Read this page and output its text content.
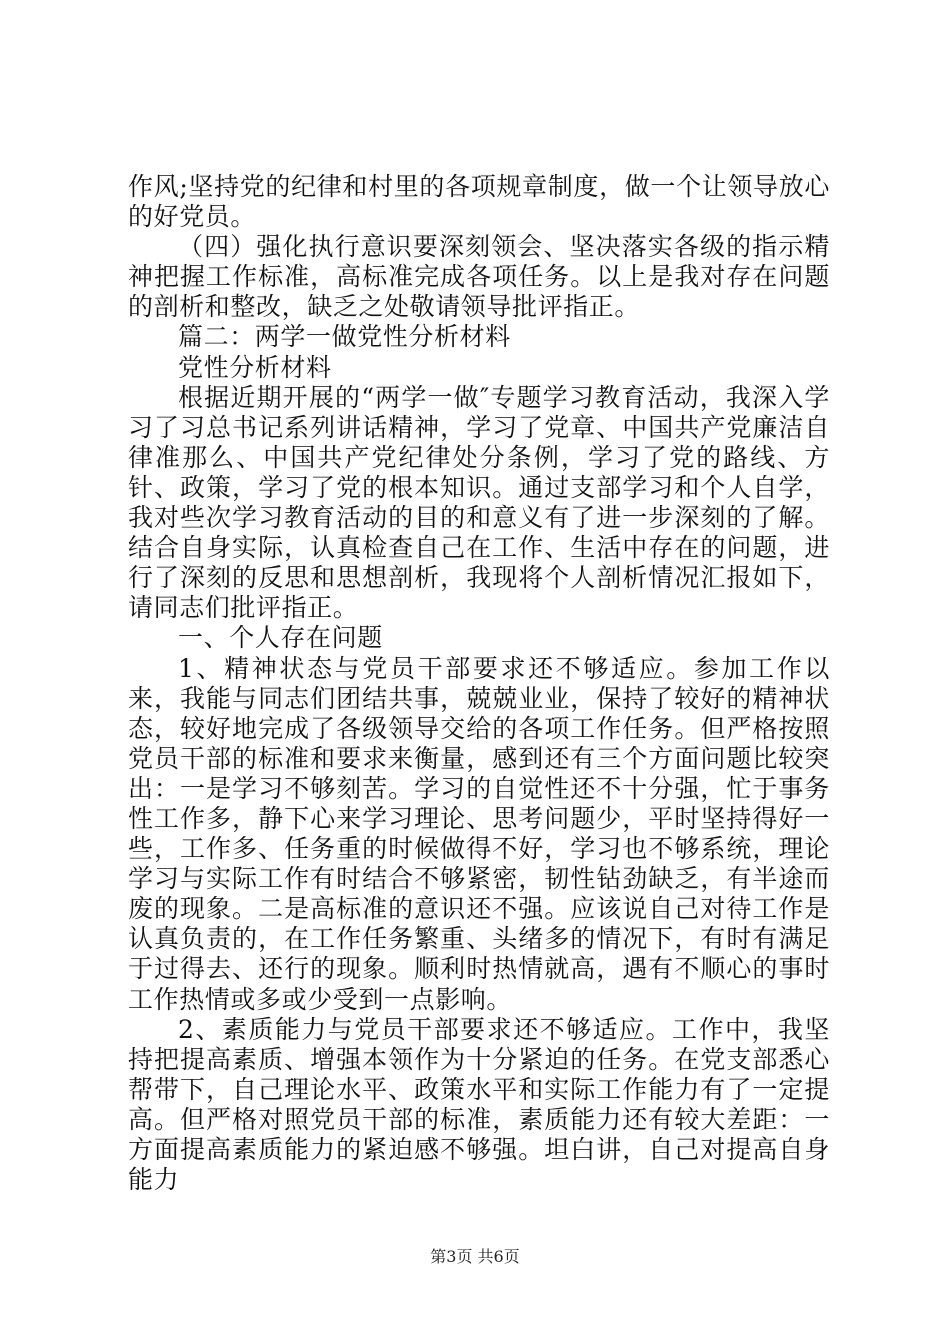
作风;坚持党的纪律和村里的各项规章制度，做一个让领导放心的好党员。

（四）强化执行意识要深刻领会、坚决落实各级的指示精神把握工作标准，高标准完成各项任务。以上是我对存在问题的剖析和整改，缺乏之处敬请领导批评指正。

篇二：两学一做党性分析材料

党性分析材料

根据近期开展的“两学一做″专题学习教育活动，我深入学习了习总书记系列讲话精神，学习了党章、中国共产党廉洁自律准那么、中国共产党纪律处分条例，学习了党的路线、方针、政策，学习了党的根本知识。通过支部学习和个人自学，我对些次学习教育活动的目的和意义有了进一步深刻的了解。结合自身实际，认真检查自己在工作、生活中存在的问题，进行了深刻的反思和思想剖析，我现将个人剖析情况汇报如下，请同志们批评指正。

一、个人存在问题

1、精神状态与党员干部要求还不够适应。参加工作以来，我能与同志们团结共事，兢兢业业，保持了较好的精神状态，较好地完成了各级领导交给的各项工作任务。但严格按照党员干部的标准和要求来衡量，感到还有三个方面问题比较突出：一是学习不够刻苦。学习的自觉性还不十分强，忙于事务性工作多，静下心来学习理论、思考问题少，平时坚持得好一些，工作多、任务重的时候做得不好，学习也不够系统，理论学习与实际工作有时结合不够紧密，韧性钻劲缺乏，有半途而废的现象。二是高标准的意识还不强。应该说自己对待工作是认真负责的，在工作任务繁重、头绪多的情况下，有时有满足于过得去、还行的现象。顺利时热情就高，遇有不顺心的事时工作热情或多或少受到一点影响。

2、素质能力与党员干部要求还不够适应。工作中，我坚持把提高素质、增强本领作为十分紧迫的任务。在党支部悉心帮带下，自己理论水平、政策水平和实际工作能力有了一定提高。但严格对照党员干部的标准，素质能力还有较大差距：一方面提高素质能力的紧迫感不够强。坦白讲，自己对提高自身能力

第3页 共6页
